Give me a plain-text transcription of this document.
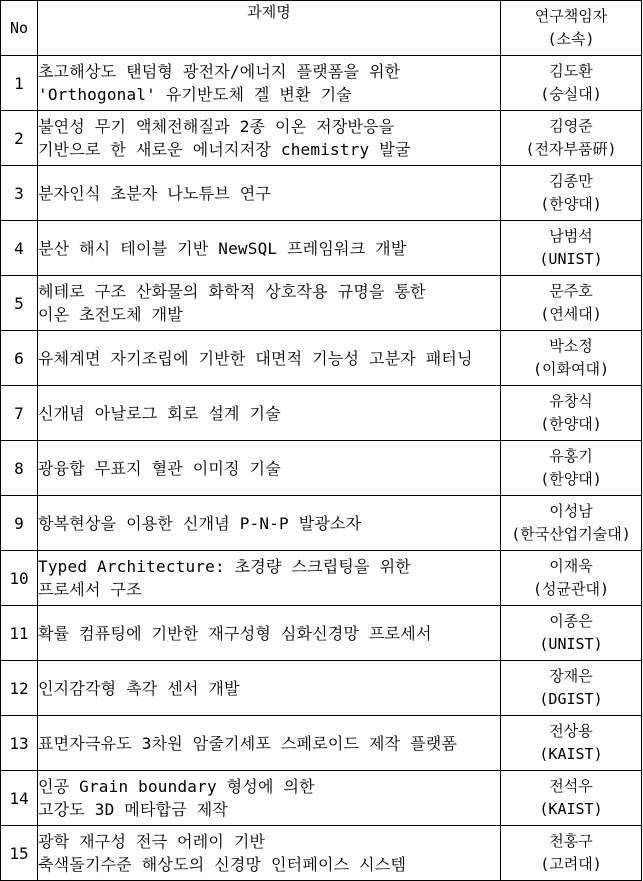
No	과제명	연구책임자
(소속)

1	초고해상도 탠덤형 광전자/에너지 플랫폼을 위한
'Orthogonal' 유기반도체 겔 변환 기술	김도환
(숭실대)

2	불연성 무기 액체전해질과 2종 이온 저장반응을
기반으로 한 새로운 에너지저장 chemistry 발굴	김영준
(전자부품硏)

3	분자인식 초분자 나노튜브 연구	김종만
(한양대)

4	분산 해시 테이블 기반 NewSQL 프레임워크 개발	남범석
(UNIST)

5	헤테로 구조 산화물의 화학적 상호작용 규명을 통한
이온 초전도체 개발	문주호
(연세대)

6	유체계면 자기조립에 기반한 대면적 기능성 고분자 패터닝	박소정
(이화여대)

7	신개념 아날로그 회로 설계 기술	유창식
(한양대)

8	광융합 무표지 혈관 이미징 기술	유홍기
(한양대)

9	항복현상을 이용한 신개념 P-N-P 발광소자	이성남
(한국산업기술대)

10	Typed Architecture: 초경량 스크립팅을 위한
프로세서 구조	이재욱
(성균관대)

11	확률 컴퓨팅에 기반한 재구성형 심화신경망 프로세서	이종은
(UNIST)

12	인지감각형 촉각 센서 개발	장재은
(DGIST)

13	표면자극유도 3차원 암줄기세포 스페로이드 제작 플랫폼	전상용
(KAIST)

14	인공 Grain boundary 형성에 의한
고강도 3D 메타합금 제작	전석우
(KAIST)

15	광학 재구성 전극 어레이 기반
축색돌기수준 해상도의 신경망 인터페이스 시스템	천홍구
(고려대)
